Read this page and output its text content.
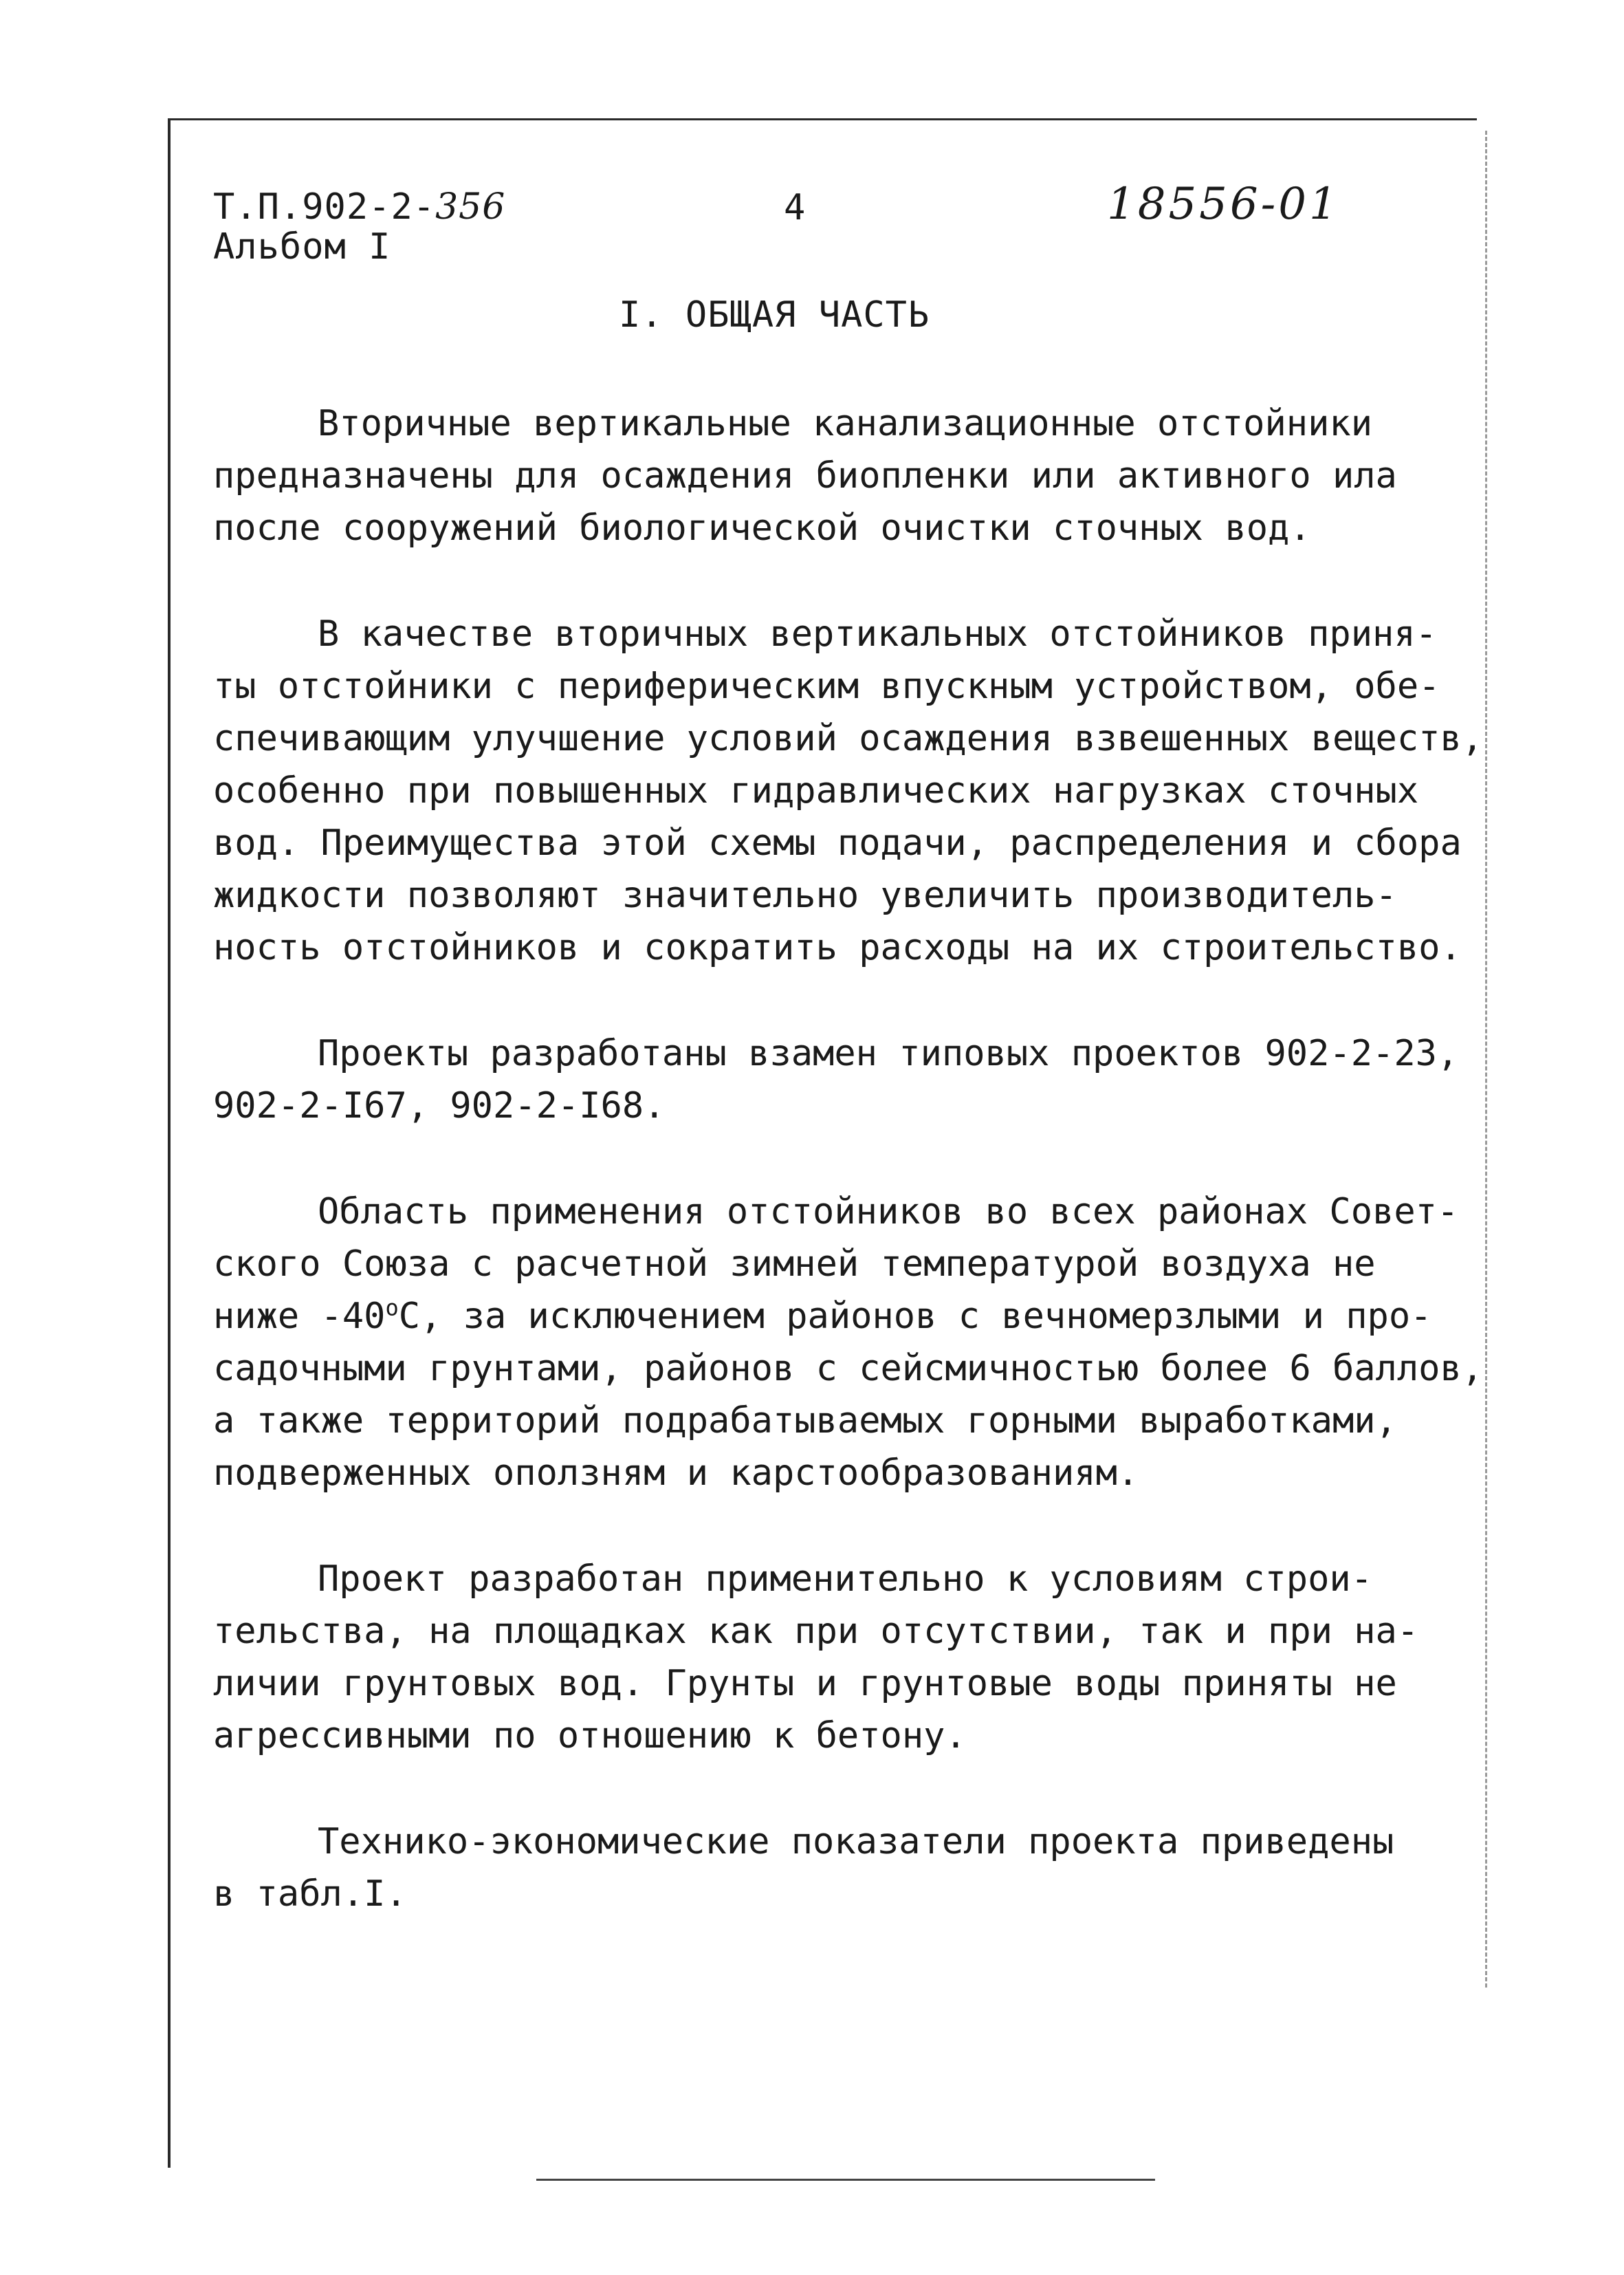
Т.П.902-2-356
Альбом I
4	18556-01
I. ОБЩАЯ ЧАСТЬ

Вторичные вертикальные канализационные отстойники
предназначены для осаждения биопленки или активного ила
после сооружений биологической очистки сточных вод.

В качестве вторичных вертикальных отстойников приня-
ты отстойники с периферическим впускным устройством, обе-
спечивающим улучшение условий осаждения взвешенных веществ,
особенно при повышенных гидравлических нагрузках сточных
вод. Преимущества этой схемы подачи, распределения и сбора
жидкости позволяют значительно увеличить производитель-
ность отстойников и сократить расходы на их строительство.

Проекты разработаны взамен типовых проектов 902-2-23,
902-2-I67, 902-2-I68.

Область применения отстойников во всех районах Совет-
ского Союза с расчетной зимней температурой воздуха не
ниже $-40^оС$, за исключением районов с вечномерзлыми и про-
садочными грунтами, районов с сейсмичностью более 6 баллов,
а также территорий подрабатываемых горными выработками,
подверженных оползням и карстообразованиям.

Проект разработан применительно к условиям строи-
тельства, на площадках как при отсутствии, так и при на-
личии грунтовых вод. Грунты и грунтовые воды приняты не
агрессивными по отношению к бетону.

Технико-экономические показатели проекта приведены
в табл.I.
